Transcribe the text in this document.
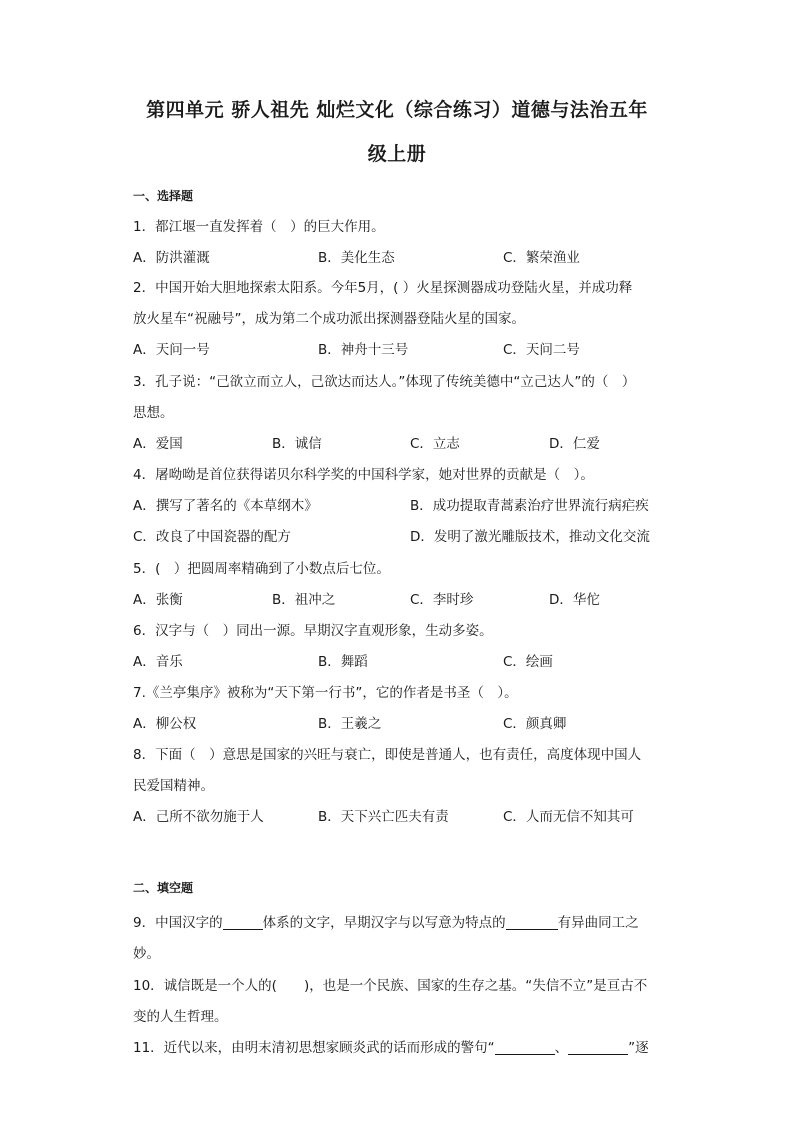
第四单元 骄人祖先 灿烂文化（综合练习）道德与法治五年
级上册
一、选择题
1．都江堰一直发挥着（　）的巨大作用。
A．防洪灌溉	B．美化生态	C．繁荣渔业
2．中国开始大胆地探索太阳系。今年5月，( ）火星探测器成功登陆火星，并成功释
放火星车“祝融号”，成为第二个成功派出探测器登陆火星的国家。
A．天问一号	B．神舟十三号	C．天问二号
3．孔子说：“己欲立而立人，己欲达而达人。”体现了传统美德中“立己达人”的（　）
思想。
A．爱国	B．诚信	C．立志	D．仁爱
4．屠呦呦是首位获得诺贝尔科学奖的中国科学家，她对世界的贡献是（　）。
A．撰写了著名的《本草纲木》	B．成功提取青蒿素治疗世界流行病疟疾
C．改良了中国瓷器的配方	D．发明了激光雕版技术，推动文化交流
5．(　）把圆周率精确到了小数点后七位。
A．张衡	B．祖冲之	C．李时珍	D．华佗
6．汉字与（　）同出一源。早期汉字直观形象，生动多姿。
A．音乐	B．舞蹈	C．绘画
7.《兰亭集序》被称为“天下第一行书”，它的作者是书圣（　）。
A．柳公权	B．王羲之	C．颜真卿
8．下面（　）意思是国家的兴旺与衰亡，即使是普通人，也有责任，高度体现中国人
民爱国精神。
A．己所不欲勿施于人	B．天下兴亡匹夫有责	C．人而无信不知其可
二、填空题
9．中国汉字的	体系的文字，早期汉字与以写意为特点的	有异曲同工之
妙。
10．诚信既是一个人的(　　)，也是一个民族、国家的生存之基。“失信不立”是亘古不
变的人生哲理。
11．近代以来，由明末清初思想家顾炎武的话而形成的警句“	、	”逐
